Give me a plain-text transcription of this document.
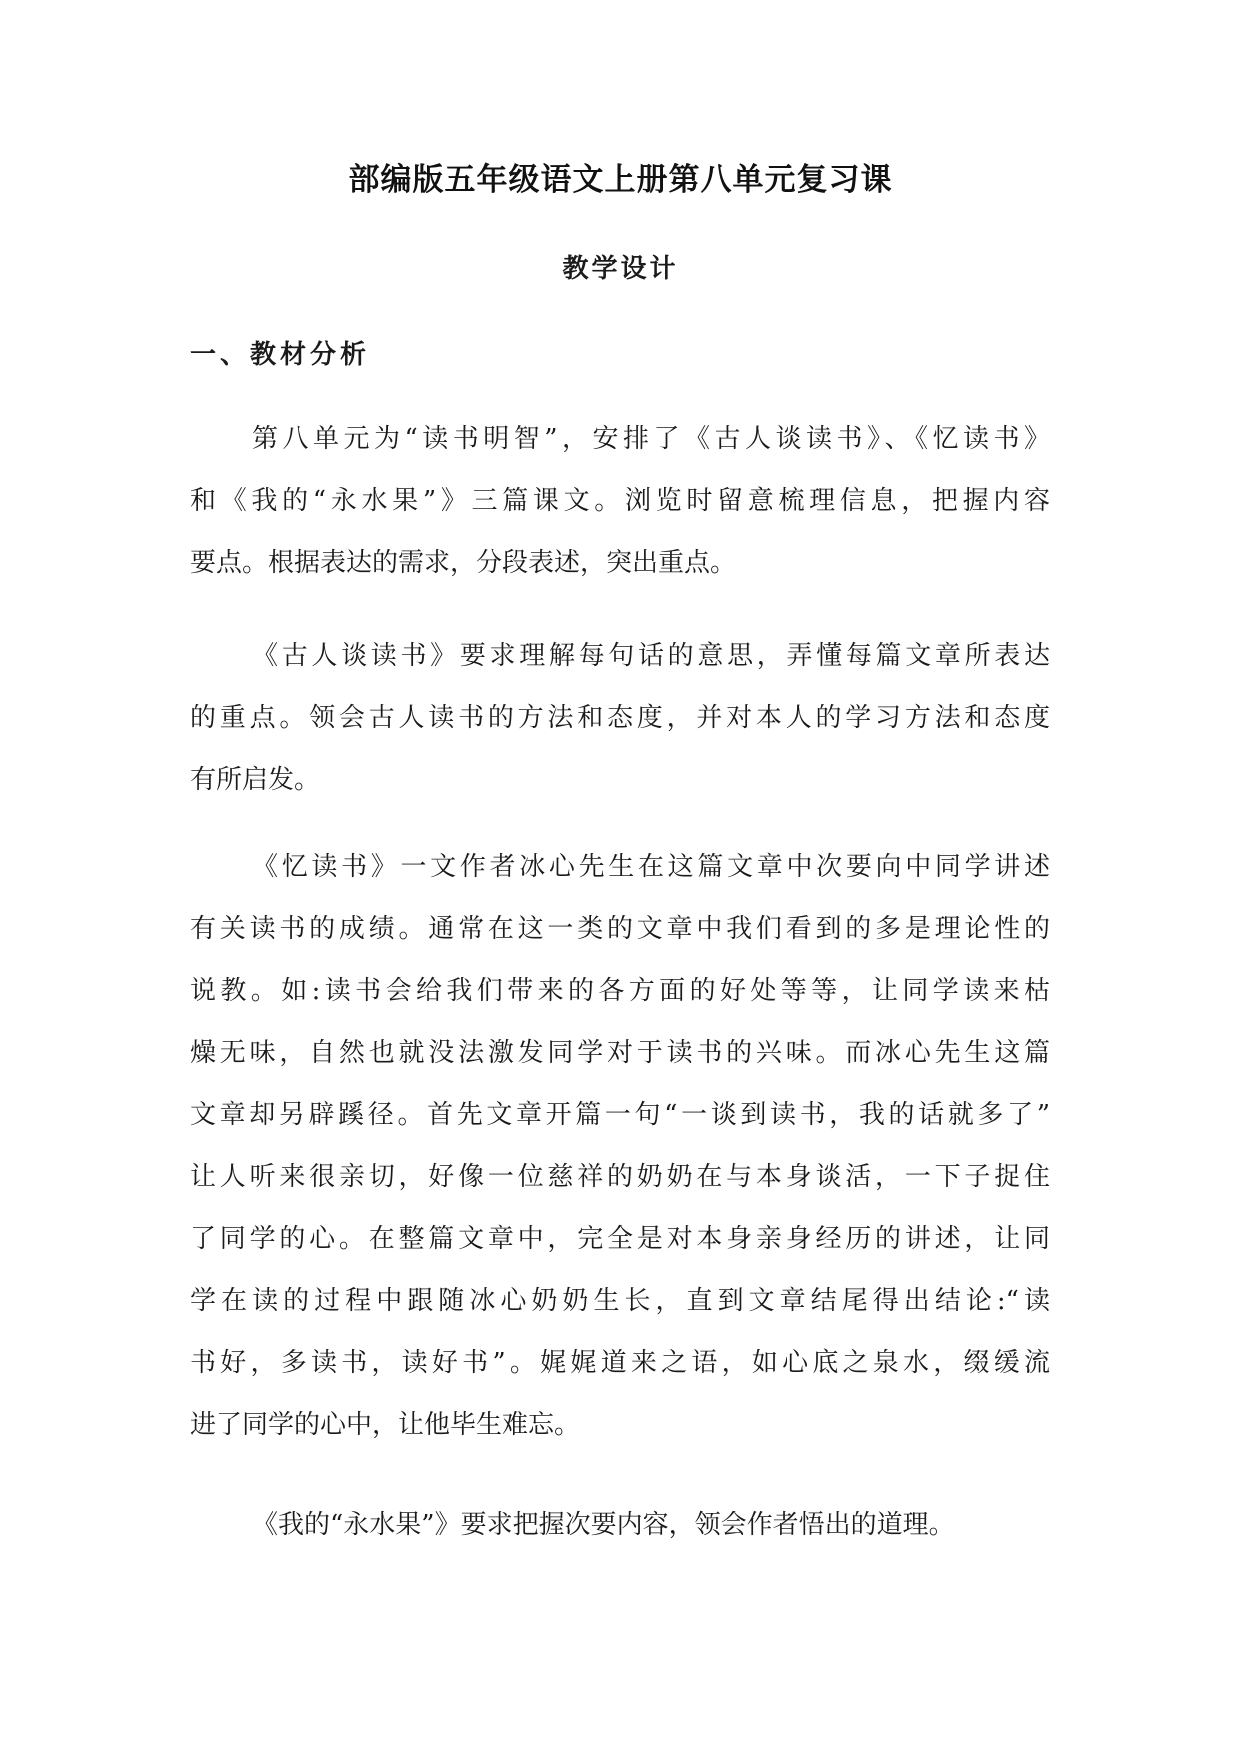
部编版五年级语文上册第八单元复习课
教学设计
一、教材分析
第八单元为“读书明智”，安排了《古人谈读书》、《忆读书》
和《我的“永水果”》三篇课文。浏览时留意梳理信息，把握内容
要点。根据表达的需求，分段表述，突出重点。
《古人谈读书》要求理解每句话的意思，弄懂每篇文章所表达
的重点。领会古人读书的方法和态度，并对本人的学习方法和态度
有所启发。
《忆读书》一文作者冰心先生在这篇文章中次要向中同学讲述
有关读书的成绩。通常在这一类的文章中我们看到的多是理论性的
说教。如:读书会给我们带来的各方面的好处等等，让同学读来枯
燥无味，自然也就没法激发同学对于读书的兴味。而冰心先生这篇
文章却另辟蹊径。首先文章开篇一句“一谈到读书，我的话就多了”
让人听来很亲切，好像一位慈祥的奶奶在与本身谈活，一下子捉住
了同学的心。在整篇文章中，完全是对本身亲身经历的讲述，让同
学在读的过程中跟随冰心奶奶生长，直到文章结尾得出结论:“读
书好，多读书，读好书”。娓娓道来之语，如心底之泉水，缀缓流
进了同学的心中，让他毕生难忘。
《我的“永水果”》要求把握次要内容，领会作者悟出的道理。
